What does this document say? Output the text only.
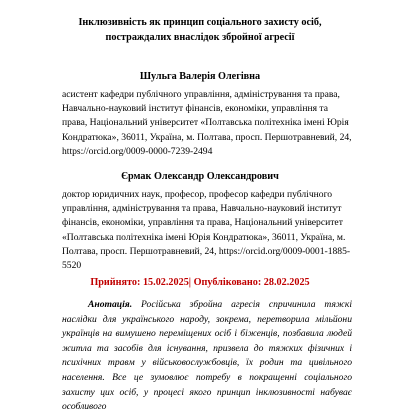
Інклюзивність як принцип соціального захисту осіб, постраждалих внаслідок збройної агресії
Шульга Валерія Олегівна
асистент кафедри публічного управління, адміністрування та права, Навчально-науковий інститут фінансів, економіки, управління та права, Національний університет «Полтавська політехніка імені Юрія Кондратюка», 36011, Україна, м. Полтава, просп. Першотравневий, 24, https://orcid.org/0009-0000-7239-2494
Єрмак Олександр Олександрович
доктор юридичних наук, професор, професор кафедри публічного управління, адміністрування та права, Навчально-науковий інститут фінансів, економіки, управління та права, Національний університет «Полтавська політехніка імені Юрія Кондратюка», 36011, Україна, м. Полтава, просп. Першотравневий, 24, https://orcid.org/0009-0001-1885-5520
Прийнято: 15.02.2025| Опубліковано: 28.02.2025
Анотація. Російська збройна агресія спричинила тяжкі наслідки для українського народу, зокрема, перетворила мільйони українців на вимушено переміщених осіб і біженців, позбавила людей житла та засобів для існування, призвела до тяжких фізичних і психічних травм у військовослужбовців, їх родин та цивільного населення. Все це зумовлює потребу в покращенні соціального захисту цих осіб, у процесі якого принцип інклюзивності набуває особливого
